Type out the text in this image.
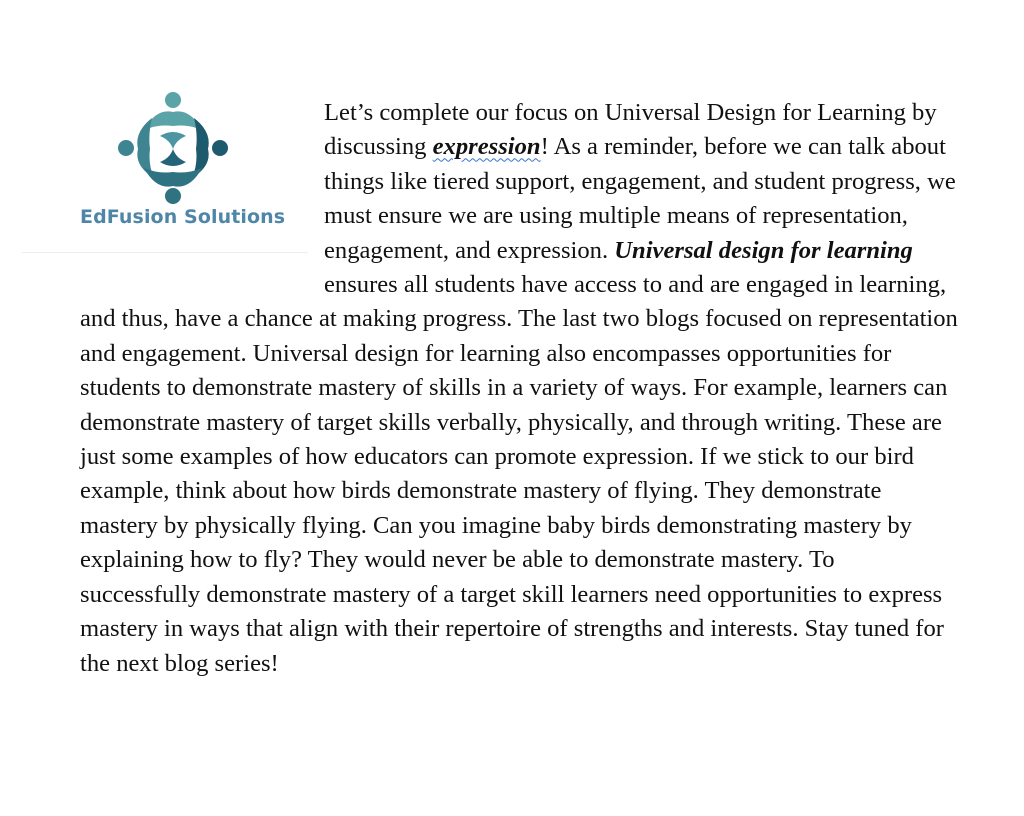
EdFusion Solutions
Let’s complete our focus on Universal Design for Learning by discussing expression! As a reminder, before we can talk about things like tiered support, engagement, and student progress, we must ensure we are using multiple means of representation, engagement, and expression. Universal design for learning ensures all students have access to and are engaged in learning, and thus, have a chance at making progress. The last two blogs focused on representation and engagement. Universal design for learning also encompasses opportunities for students to demonstrate mastery of skills in a variety of ways. For example, learners can demonstrate mastery of target skills verbally, physically, and through writing. These are just some examples of how educators can promote expression. If we stick to our bird example, think about how birds demonstrate mastery of flying. They demonstrate mastery by physically flying. Can you imagine baby birds demonstrating mastery by explaining how to fly? They would never be able to demonstrate mastery. To successfully demonstrate mastery of a target skill learners need opportunities to express mastery in ways that align with their repertoire of strengths and interests. Stay tuned for the next blog series!
